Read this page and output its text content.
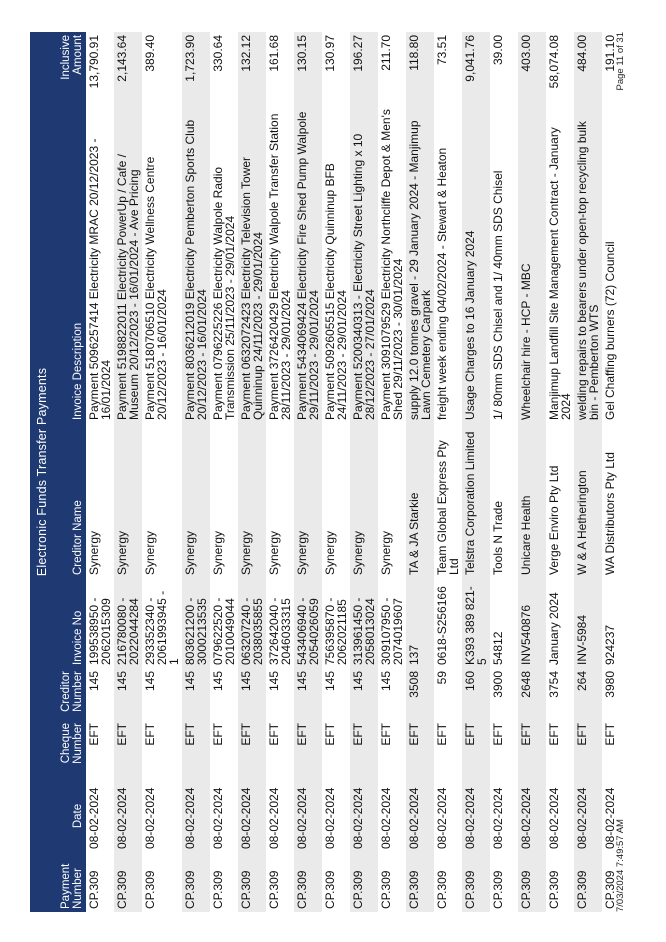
Electronic Funds Transfer Payments							
Payment Number	Date	Cheque Number	Creditor Number	Invoice No	Creditor Name	Invoice Description	Inclusive Amount
CP.309	08-02-2024	EFT	145	199538950 - 2062015309	Synergy	Payment 5096257414 Electricity MRAC 20/12/2023 - 16/01/2024	13,790.91
CP.309	08-02-2024	EFT	145	216780080 - 2022044284	Synergy	Payment 5198822011 Electricity PowerUp / Cafe / Museum 20/12/2023 - 16/01/2024 - Ave Pricing	2,143.64
CP.309	08-02-2024	EFT	145	293352340 - 2061993945 - 1	Synergy	Payment 5180706510 Electricity Wellness Centre 20/12/2023 - 16/01/2024	389.40
CP.309	08-02-2024	EFT	145	803621200 - 3000213535	Synergy	Payment 8036212019 Electricity Pemberton Sports Club 20/12/2023 - 16/01/2024	1,723.90
CP.309	08-02-2024	EFT	145	079622520 - 2010049044	Synergy	Payment 0796225226 Electricity Walpole Radio Transmission 25/11/2023 - 29/01/2024	330.64
CP.309	08-02-2024	EFT	145	063207240 - 2038035855	Synergy	Payment 0632072423 Electricity Television Tower Quinninup 24/11/2023 - 29/01/2024	132.12
CP.309	08-02-2024	EFT	145	372642040 - 2046033315	Synergy	Payment 3726420429 Electricity Walpole Transfer Station 28/11/2023 - 29/01/2024	161.68
CP.309	08-02-2024	EFT	145	543406940 - 2054026059	Synergy	Payment 5434069424 Electricity Fire Shed Pump Walpole 29/11/2023 - 29/01/2024	130.15
CP.309	08-02-2024	EFT	145	756395870 - 2062021185	Synergy	Payment 5092605515 Electricity Quinninup BFB 24/11/2023 - 29/01/2024	130.97
CP.309	08-02-2024	EFT	145	313961450 - 2058013024	Synergy	Payment 5200340313 - Electricity Street Lighting x 10 28/12/2023 - 27/01/2024	196.27
CP.309	08-02-2024	EFT	145	309107950 - 2074019607	Synergy	Payment 3091079529 Electricity Northcliffe Depot & Men's Shed 29/11/2023 - 30/01/2024	211.70
CP.309	08-02-2024	EFT	3508	137	TA & JA Starkie	supply 12.0 tonnes gravel - 29 January 2024 - Manjimup Lawn Cemetery Carpark	118.80
CP.309	08-02-2024	EFT	59	0618-S256166	Team Global Express Pty Ltd	freight week ending 04/02/2024 - Stewart & Heaton	73.51
CP.309	08-02-2024	EFT	160	K393 389 821-5	Telstra Corporation Limited	Usage Charges to 16 January 2024	9,041.76
CP.309	08-02-2024	EFT	3900	54812	Tools N Trade	1/ 80mm SDS Chisel and 1/ 40mm SDS Chisel	39.00
CP.309	08-02-2024	EFT	2648	INV540876	Unicare Health	Wheelchair hire - HCP - MBC	403.00
CP.309	08-02-2024	EFT	3754	January 2024	Verge Enviro Pty Ltd	Manjimup Landfill Site Management Contract - January 2024	58,074.08
CP.309	08-02-2024	EFT	264	INV-5984	W & A Hetherington	welding repairs to bearers under open-top recycling bulk bin - Pemberton WTS	484.00
CP.309	08-02-2024	EFT	3980	924237	WA Distributors Pty Ltd	Gel Chaffing burners (72) Council	191.10
7/03/2024 7:49:57 AM
Page 11 of 31
